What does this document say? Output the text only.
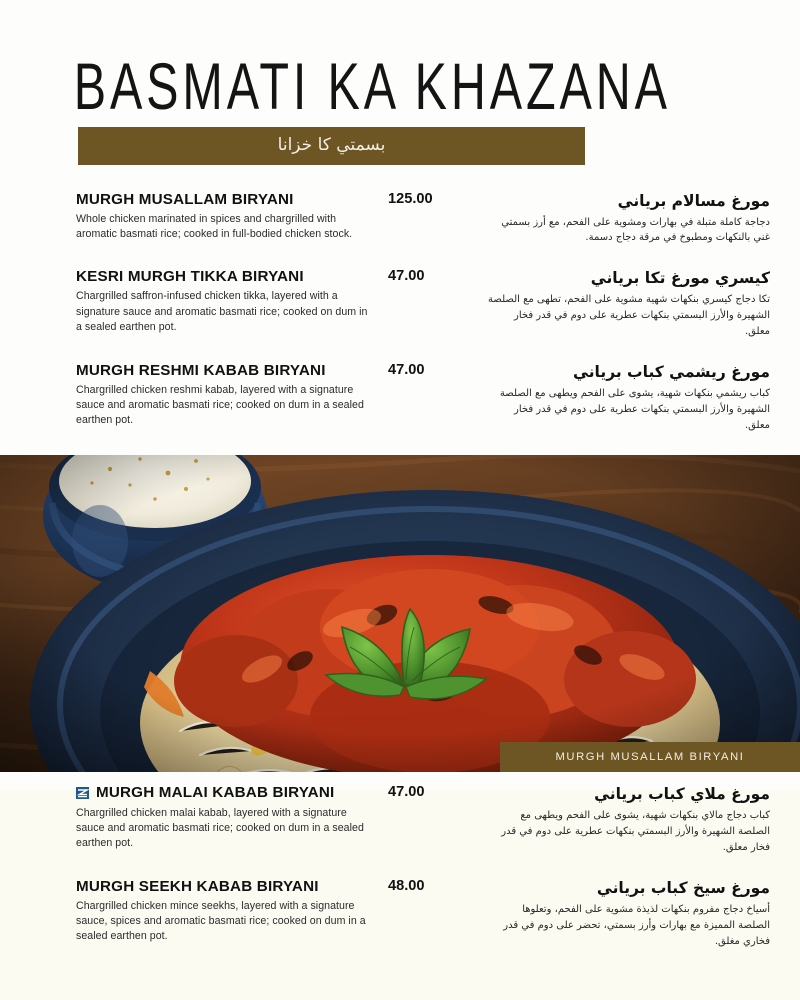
BASMATI KA KHAZANA
بسمتي كا خزانا
MURGH MUSALLAM BIRYANI
Whole chicken marinated in spices and chargrilled with aromatic basmati rice; cooked in full-bodied chicken stock.
125.00	مورغ مسالام برياني
دجاجة كاملة متبلة في بهارات ومشوية على الفحم، مع أرز بسمتي غني بالنكهات ومطبوخ في مرقة دجاج دسمة.
KESRI MURGH TIKKA BIRYANI
Chargrilled saffron-infused chicken tikka, layered with a signature sauce and aromatic basmati rice; cooked on dum in a sealed earthen pot.
47.00	كيسري مورغ تكا برياني
تكا دجاج كيسري بنكهات شهية مشوية على الفحم، تطهى مع الصلصة الشهيرة والأرز البسمتي بنكهات عطرية على دوم في قدر فخار معلق.
MURGH RESHMI KABAB BIRYANI
Chargrilled chicken reshmi kabab, layered with a signature sauce and aromatic basmati rice; cooked on dum in a sealed earthen pot.
47.00	مورغ ريشمي كباب برياني
كباب ريشمي بنكهات شهية، يشوى على الفحم ويطهى مع الصلصة الشهيرة والأرز البسمتي بنكهات عطرية على دوم في قدر فخار معلق.
MURGH MUSALLAM BIRYANI
MURGH MALAI KABAB BIRYANI
Chargrilled chicken malai kabab, layered with a signature sauce and aromatic basmati rice; cooked on dum in a sealed earthen pot.
47.00	مورغ ملاي كباب برياني
كباب دجاج مالاي بنكهات شهية، يشوى على الفحم ويطهى مع الصلصة الشهيرة والأرز البسمتي بنكهات عطرية على دوم في قدر فخار معلق.
MURGH SEEKH KABAB BIRYANI
Chargrilled chicken mince seekhs, layered with a signature sauce, spices and aromatic basmati rice; cooked on dum in a sealed earthen pot.
48.00	مورغ سيخ كباب برياني
أسياخ دجاج مفروم بنكهات لذيذة مشوية على الفحم، وتعلوها الصلصة المميزة مع بهارات وأرز بسمتي، تحضر على دوم في قدر فخاري مغلق.
